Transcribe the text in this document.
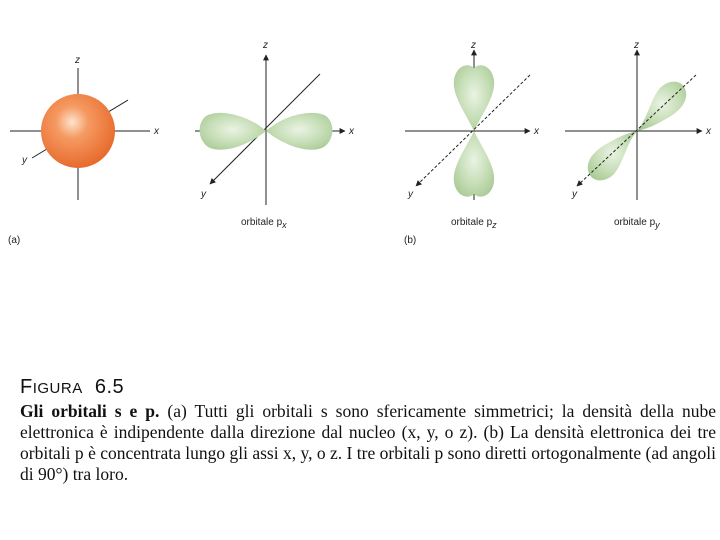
z
x
y
(a)
z
x
y
orbitale px
(b)
z
x
y
orbitale pz
z
x
y
orbitale py
FIGURA 6.5
Gli orbitali s e p. (a) Tutti gli orbitali s sono sfericamente simmetrici; la densità della nube elettronica è indipendente dalla direzione dal nucleo (x, y, o z). (b) La densità elettronica dei tre orbitali p è concentrata lungo gli assi x, y, o z. I tre orbitali p sono diretti ortogonalmente (ad angoli di 90°) tra loro.
